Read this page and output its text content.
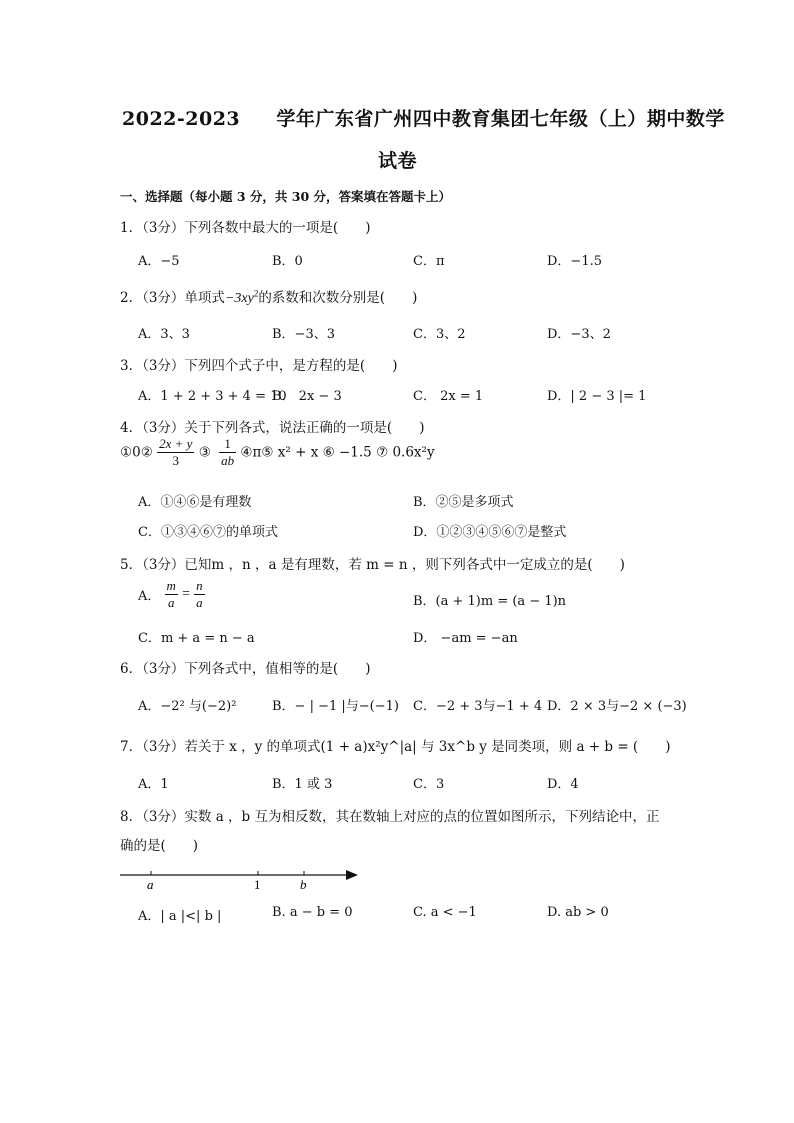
2022-2023 学年广东省广州四中教育集团七年级（上）期中数学
试卷
一、选择题（每小题 3 分，共 30 分，答案填在答题卡上）
1．（3分）下列各数中最大的一项是(　　)
A．−5	B．0	C．π	D．−1.5
2．（3分）单项式$-3xy^2$的系数和次数分别是(　　)
A．3、3	B．−3、3	C．3、2	D．−3、2
3．（3分）下列四个式子中，是方程的是(　　)
A．1 + 2 + 3 + 4 = 10
B． 2x − 3	C． 2x = 1	D．| 2 − 3 |= 1
4．（3分）关于下列各式，说法正确的一项是(　　)
①0② $\frac{2x + y}{3}$ ③ $\frac{1}{ab}$ ④π⑤ x² + x ⑥ −1.5 ⑦ 0.6x²y
A．①④⑥是有理数	B．②⑤是多项式
C．①③④⑥⑦的单项式	D．①②③④⑤⑥⑦是整式
5．（3分）已知m ，n ，a 是有理数，若 m = n ，则下列各式中一定成立的是(　　)
A． $\frac{m}{a} = \frac{n}{a}$	B．(a + 1)m = (a − 1)n
C．m + a = n − a	D． −am = −an
6．（3分）下列各式中，值相等的是(　　)
A．−2² 与(−2)²	B．− | −1 |与−(−1) C．−2 + 3与−1 + 4 D．2 × 3与−2 × (−3)
7．（3分）若关于 x ，y 的单项式(1 + a)x²y^|a| 与 3x^b y 是同类项，则 a + b = (　　)
A．1	B．1 或 3	C．3	D．4
8．（3分）实数 a ，b 互为相反数，其在数轴上对应的点的位置如图所示，下列结论中，正
确的是(　　)
a	1	b
A．| a |<| b |	B. a − b = 0	C. a < −1	D. ab > 0
